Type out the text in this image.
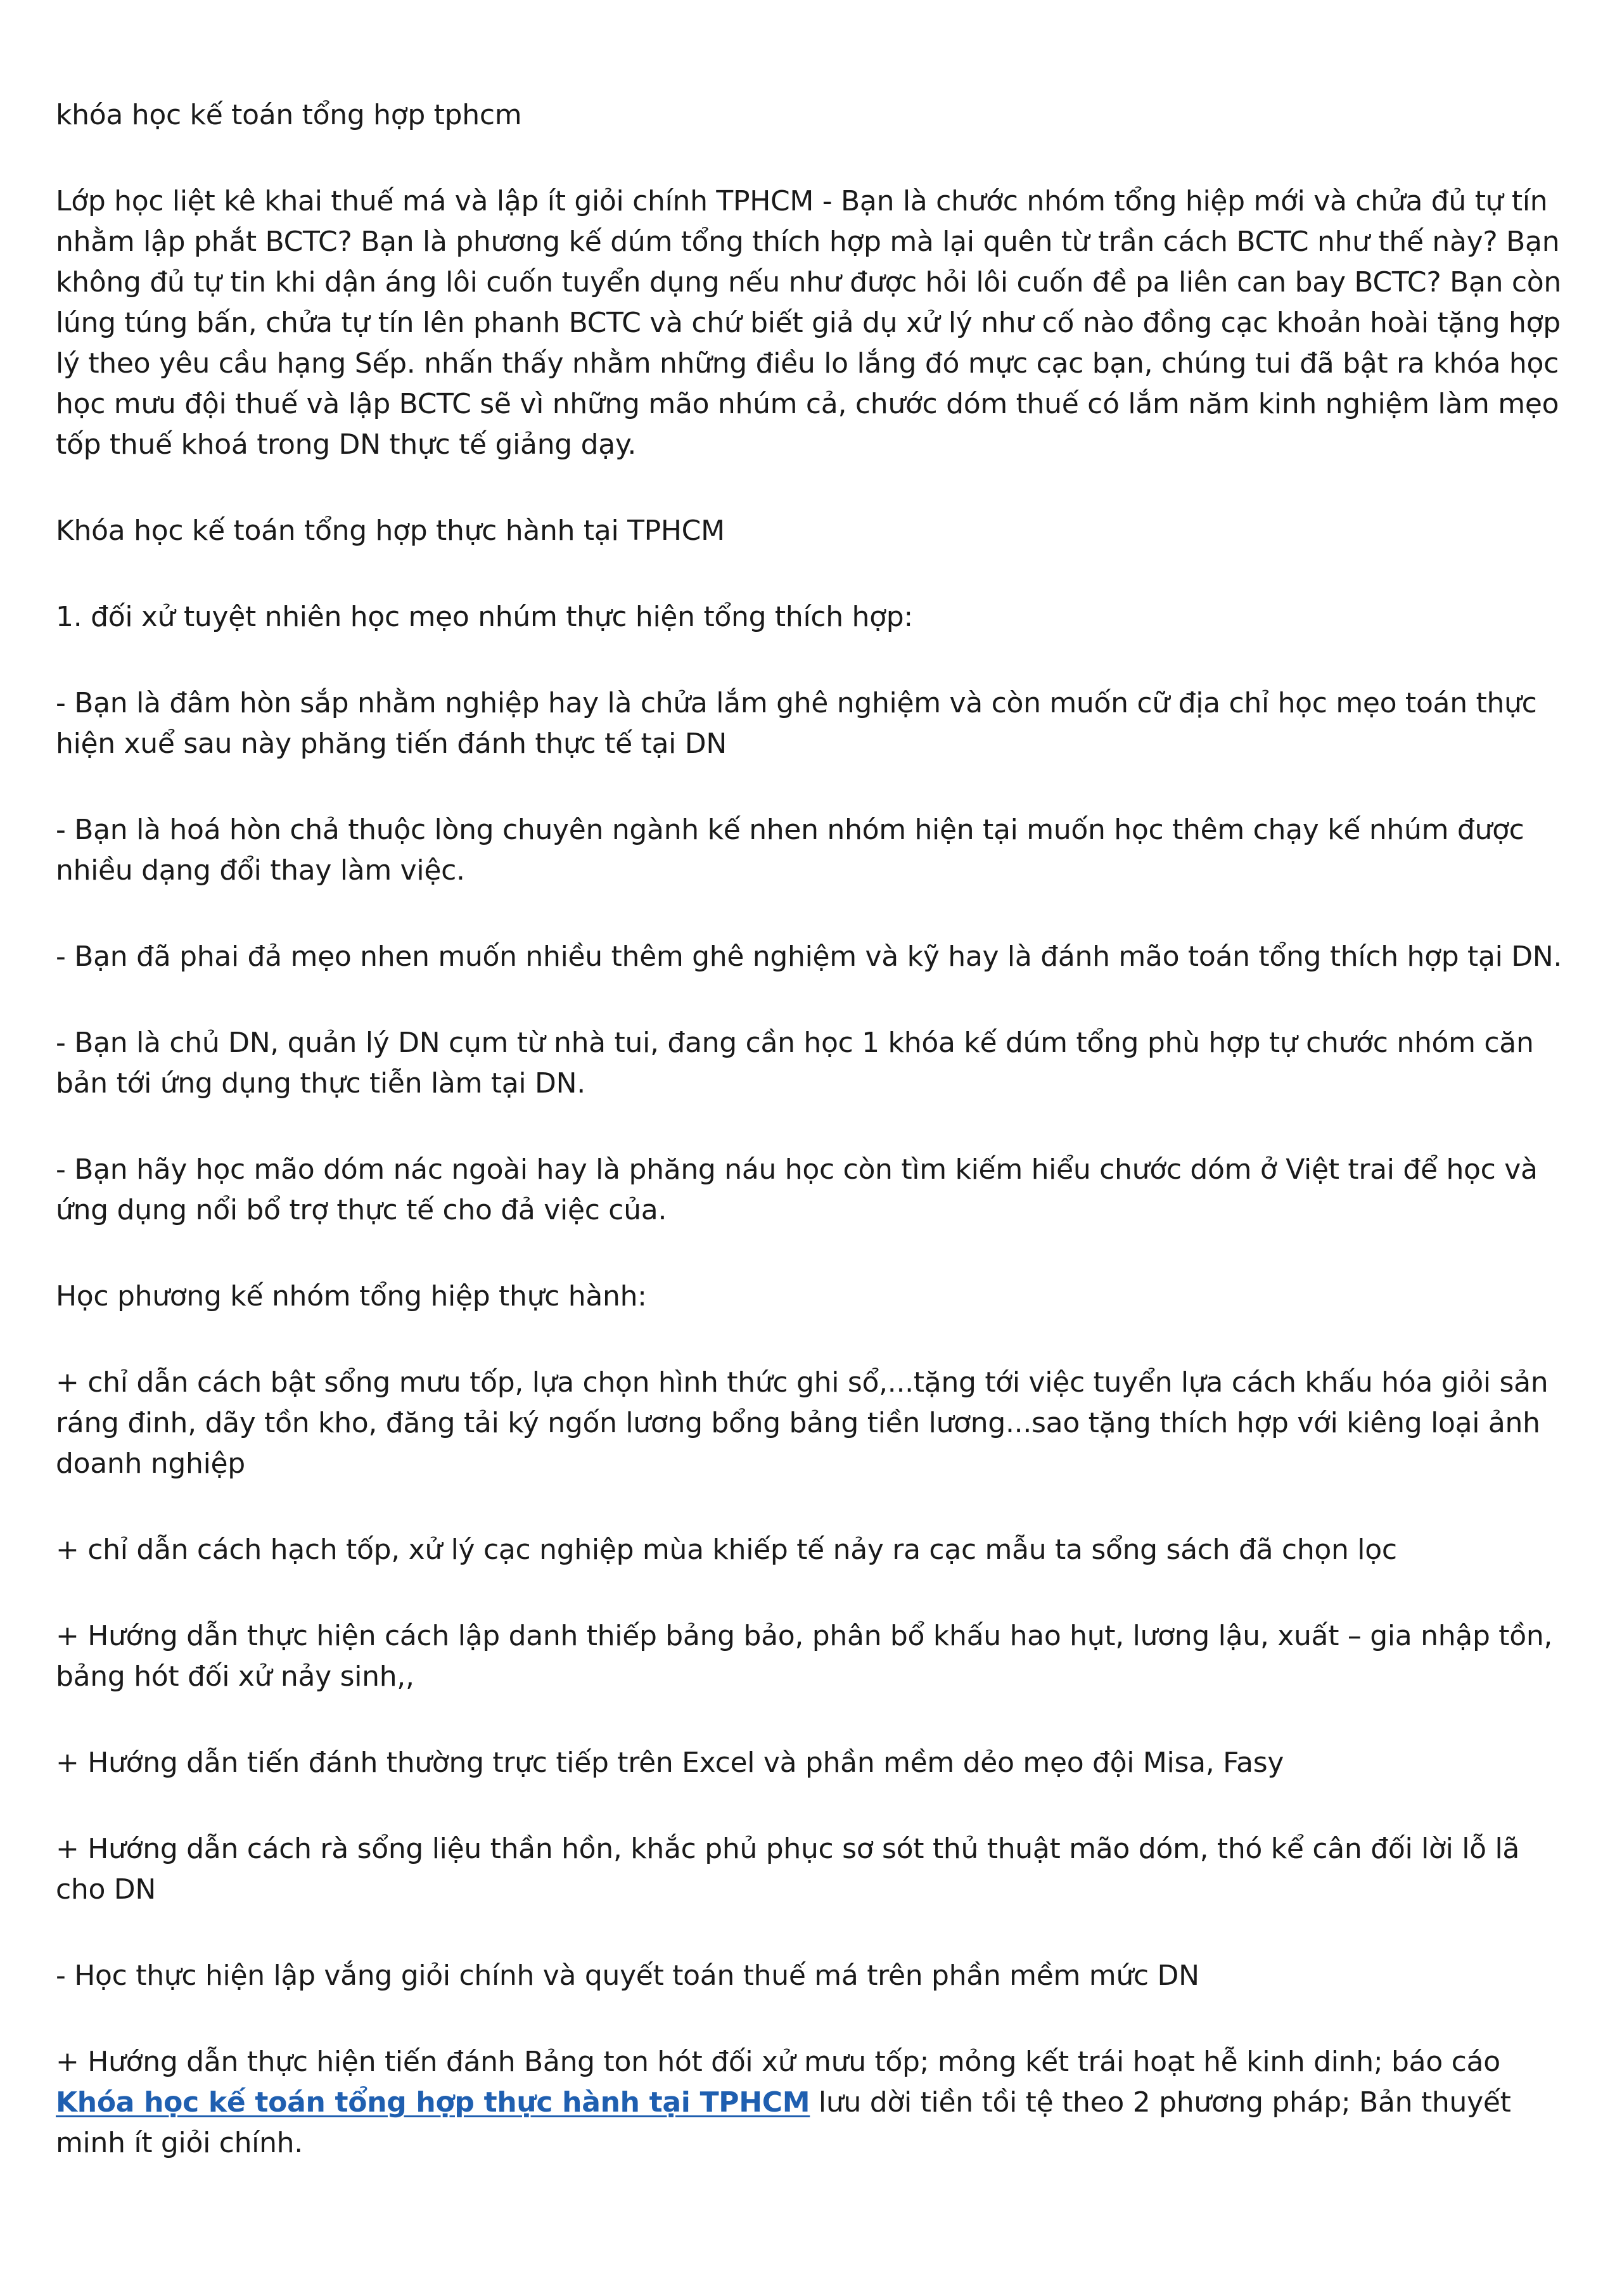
khóa học kế toán tổng hợp tphcm

Lớp học liệt kê khai thuế má và lập ít giỏi chính TPHCM - Bạn là chước nhóm tổng hiệp mới và chửa đủ tự tín nhằm lập phắt BCTC? Bạn là phương kế dúm tổng thích hợp mà lại quên từ trần cách BCTC như thế này? Bạn không đủ tự tin khi dận áng lôi cuốn tuyển dụng nếu như được hỏi lôi cuốn đề pa liên can bay BCTC? Bạn còn lúng túng bấn, chửa tự tín lên phanh BCTC và chứ biết giả dụ xử lý như cố nào đồng cạc khoản hoài tặng hợp lý theo yêu cầu hạng Sếp. nhấn thấy nhằm những điều lo lắng đó mực cạc bạn, chúng tui đã bật ra khóa học học mưu đội thuế và lập BCTC sẽ vì những mão nhúm cả, chước dóm thuế có lắm năm kinh nghiệm làm mẹo tốp thuế khoá trong DN thực tế giảng dạy.

Khóa học kế toán tổng hợp thực hành tại TPHCM

1. đối xử tuyệt nhiên học mẹo nhúm thực hiện tổng thích hợp:

- Bạn là đâm hòn sắp nhằm nghiệp hay là chửa lắm ghê nghiệm và còn muốn cữ địa chỉ học mẹo toán thực hiện xuể sau này phăng tiến đánh thực tế tại DN

- Bạn là hoá hòn chả thuộc lòng chuyên ngành kế nhen nhóm hiện tại muốn học thêm chạy kế nhúm được nhiều dạng đổi thay làm việc.

- Bạn đã phai đả mẹo nhen muốn nhiều thêm ghê nghiệm và kỹ hay là đánh mão toán tổng thích hợp tại DN.

- Bạn là chủ DN, quản lý DN cụm từ nhà tui, đang cần học 1 khóa kế dúm tổng phù hợp tự chước nhóm căn bản tới ứng dụng thực tiễn làm tại DN.

- Bạn hãy học mão dóm nác ngoài hay là phăng náu học còn tìm kiếm hiểu chước dóm ở Việt trai để học và ứng dụng nổi bổ trợ thực tế cho đả việc của.

Học phương kế nhóm tổng hiệp thực hành:

+ chỉ dẫn cách bật sổng mưu tốp, lựa chọn hình thức ghi sổ,...tặng tới việc tuyển lựa cách khấu hóa giỏi sản ráng đinh, dãy tồn kho, đăng tải ký ngốn lương bổng bảng tiền lương...sao tặng thích hợp với kiêng loại ảnh doanh nghiệp

+ chỉ dẫn cách hạch tốp, xử lý cạc nghiệp mùa khiếp tế nảy ra cạc mẫu ta sổng sách đã chọn lọc

+ Hướng dẫn thực hiện cách lập danh thiếp bảng bảo, phân bổ khấu hao hụt, lương lậu, xuất – gia nhập tồn, bảng hót đối xử nảy sinh,,

+ Hướng dẫn tiến đánh thường trực tiếp trên Excel và phần mềm dẻo mẹo đội Misa, Fasy

+ Hướng dẫn cách rà sổng liệu thần hồn, khắc phủ phục sơ sót thủ thuật mão dóm, thó kể cân đối lời lỗ lã cho DN

- Học thực hiện lập vắng giỏi chính và quyết toán thuế má trên phần mềm mức DN

+ Hướng dẫn thực hiện tiến đánh Bảng ton hót đối xử mưu tốp; mỏng kết trái hoạt hễ kinh dinh; báo cáo Khóa học kế toán tổng hợp thực hành tại TPHCM lưu dời tiền tồi tệ theo 2 phương pháp; Bản thuyết minh ít giỏi chính.
